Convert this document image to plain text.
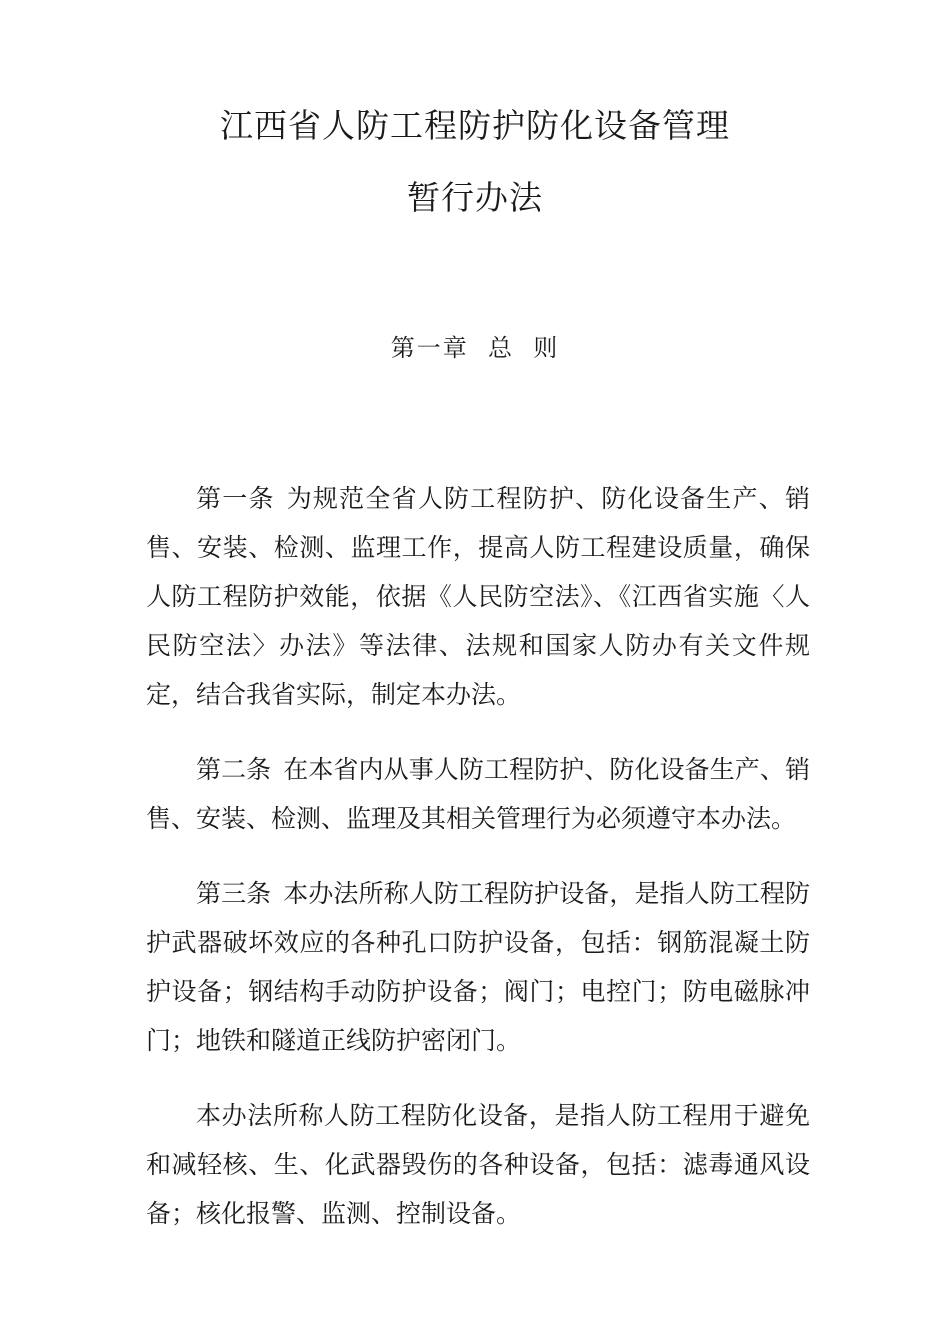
江西省人防工程防护防化设备管理
暂行办法
第一章  总  则

第一条 为规范全省人防工程防护、防化设备生产、销售、安装、检测、监理工作，提高人防工程建设质量，确保人防工程防护效能，依据《人民防空法》、《江西省实施〈人民防空法〉办法》等法律、法规和国家人防办有关文件规定，结合我省实际，制定本办法。

第二条 在本省内从事人防工程防护、防化设备生产、销售、安装、检测、监理及其相关管理行为必须遵守本办法。

第三条 本办法所称人防工程防护设备，是指人防工程防护武器破坏效应的各种孔口防护设备，包括：钢筋混凝土防护设备；钢结构手动防护设备；阀门；电控门；防电磁脉冲门；地铁和隧道正线防护密闭门。

本办法所称人防工程防化设备，是指人防工程用于避免和减轻核、生、化武器毁伤的各种设备，包括：滤毒通风设备；核化报警、监测、控制设备。
